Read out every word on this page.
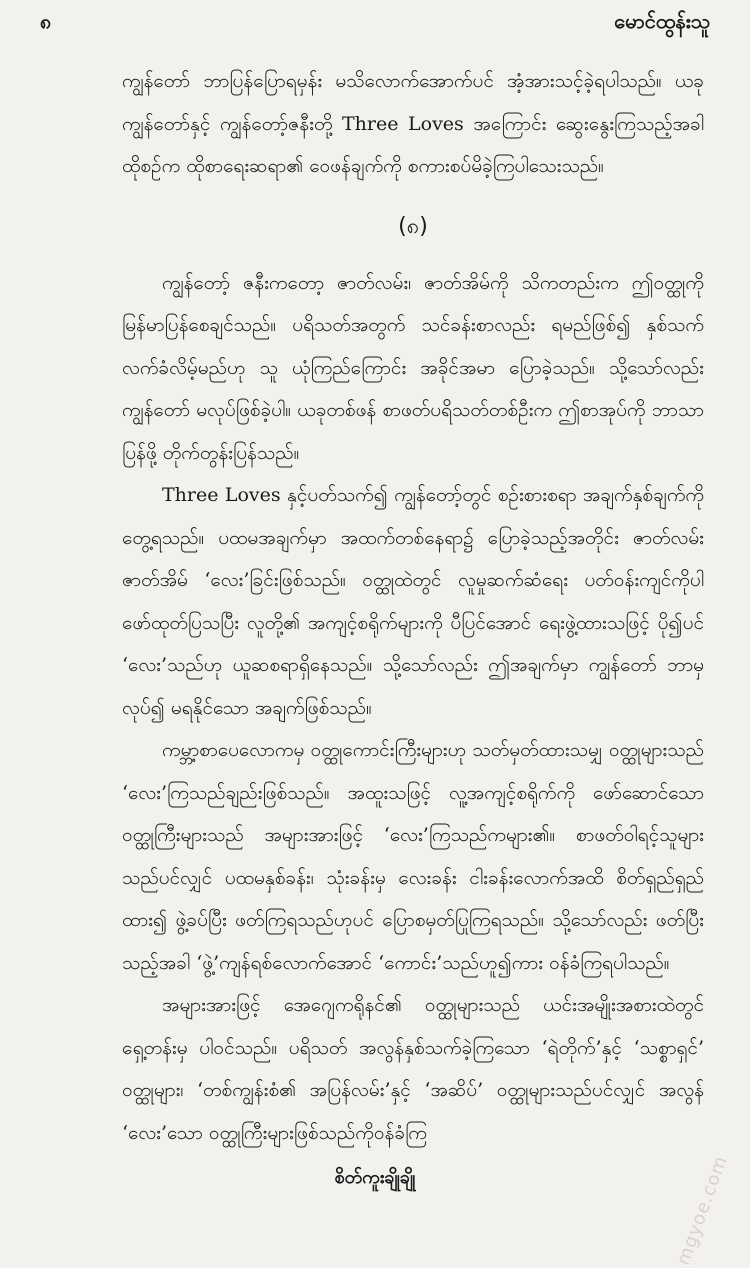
၈	မောင်ထွန်းသူ

ကျွန်တော် ဘာပြန်ပြောရမှန်း မသိလောက်အောက်ပင် အံ့အားသင့်ခဲ့ရပါသည်။ ယခု ကျွန်တော်နှင့် ကျွန်တော့်ဇနီးတို့ Three Loves အကြောင်း ဆွေးနွေးကြသည့်အခါ ထိုစဉ်က ထိုစာရေးဆရာ၏ ဝေဖန်ချက်ကို စကားစပ်မိခဲ့ကြပါသေးသည်။

(၈)

ကျွန်တော့် ဇနီးကတော့ ဇာတ်လမ်း၊ ဇာတ်အိမ်ကို သိကတည်းက ဤဝတ္ထုကို မြန်မာပြန်စေချင်သည်။ ပရိသတ်အတွက် သင်ခန်းစာလည်း ရမည်ဖြစ်၍ နှစ်သက်လက်ခံလိမ့်မည်ဟု သူ ယုံကြည်ကြောင်း အခိုင်အမာ ပြောခဲ့သည်။ သို့သော်လည်း ကျွန်တော် မလုပ်ဖြစ်ခဲ့ပါ။ ယခုတစ်ဖန် စာဖတ်ပရိသတ်တစ်ဦးက ဤစာအုပ်ကို ဘာသာပြန်ဖို့ တိုက်တွန်းပြန်သည်။

Three Loves နှင့်ပတ်သက်၍ ကျွန်တော့်တွင် စဉ်းစားစရာ အချက်နှစ်ချက်ကို တွေ့ရသည်။ ပထမအချက်မှာ အထက်တစ်နေရာ၌ ပြောခဲ့သည့်အတိုင်း ဇာတ်လမ်း ဇာတ်အိမ် ‘လေး’ခြင်းဖြစ်သည်။ ဝတ္ထုထဲတွင် လူမှုဆက်ဆံရေး ပတ်ဝန်းကျင်ကိုပါ ဖော်ထုတ်ပြသပြီး လူတို့၏ အကျင့်စရိုက်များကို ပီပြင်အောင် ရေးဖွဲ့ထားသဖြင့် ပို၍ပင် ‘လေး’သည်ဟု ယူဆစရာရှိနေသည်။ သို့သော်လည်း ဤအချက်မှာ ကျွန်တော် ဘာမှလုပ်၍ မရနိုင်သော အချက်ဖြစ်သည်။

ကမ္ဘာ့စာပေလောကမှ ဝတ္ထုကောင်းကြီးများဟု သတ်မှတ်ထားသမျှ ဝတ္ထုများသည် ‘လေး’ကြသည်ချည်းဖြစ်သည်။ အထူးသဖြင့် လူ့အကျင့်စရိုက်ကို ဖော်ဆောင်သော ဝတ္ထုကြီးများသည် အများအားဖြင့် ‘လေး’ကြသည်ကများ၏။ စာဖတ်ဝါရင့်သူများသည်ပင်လျှင် ပထမနှစ်ခန်း၊ သုံးခန်းမှ လေးခန်း ငါးခန်းလောက်အထိ စိတ်ရှည်ရှည်ထား၍ ဖွဲ့ခပ်ပြီး ဖတ်ကြရသည်ဟုပင် ပြောစမှတ်ပြုကြရသည်။ သို့သော်လည်း ဖတ်ပြီးသည့်အခါ ‘ဖွဲ့’ကျန်ရစ်လောက်အောင် ‘ကောင်း’သည်ဟူ၍ကား ဝန်ခံကြရပါသည်။

အများအားဖြင့် အေဂျေကရိုနင်၏ ဝတ္ထုများသည် ယင်းအမျိုးအစားထဲတွင် ရှေ့တန်းမှ ပါဝင်သည်။ ပရိသတ် အလွန်နှစ်သက်ခဲ့ကြသော ‘ရဲတိုက်’နှင့် ‘သစ္စာရှင်’ ဝတ္ထုများ၊ ‘တစ်ကျွန်းစံ၏ အပြန်လမ်း’နှင့် ‘အဆိပ်’ ဝတ္ထုများသည်ပင်လျှင် အလွန် ‘လေး’သော ဝတ္ထုကြီးများဖြစ်သည်ကိုဝန်ခံကြ

စိတ်ကူးချိုချို	mgyoe.com
